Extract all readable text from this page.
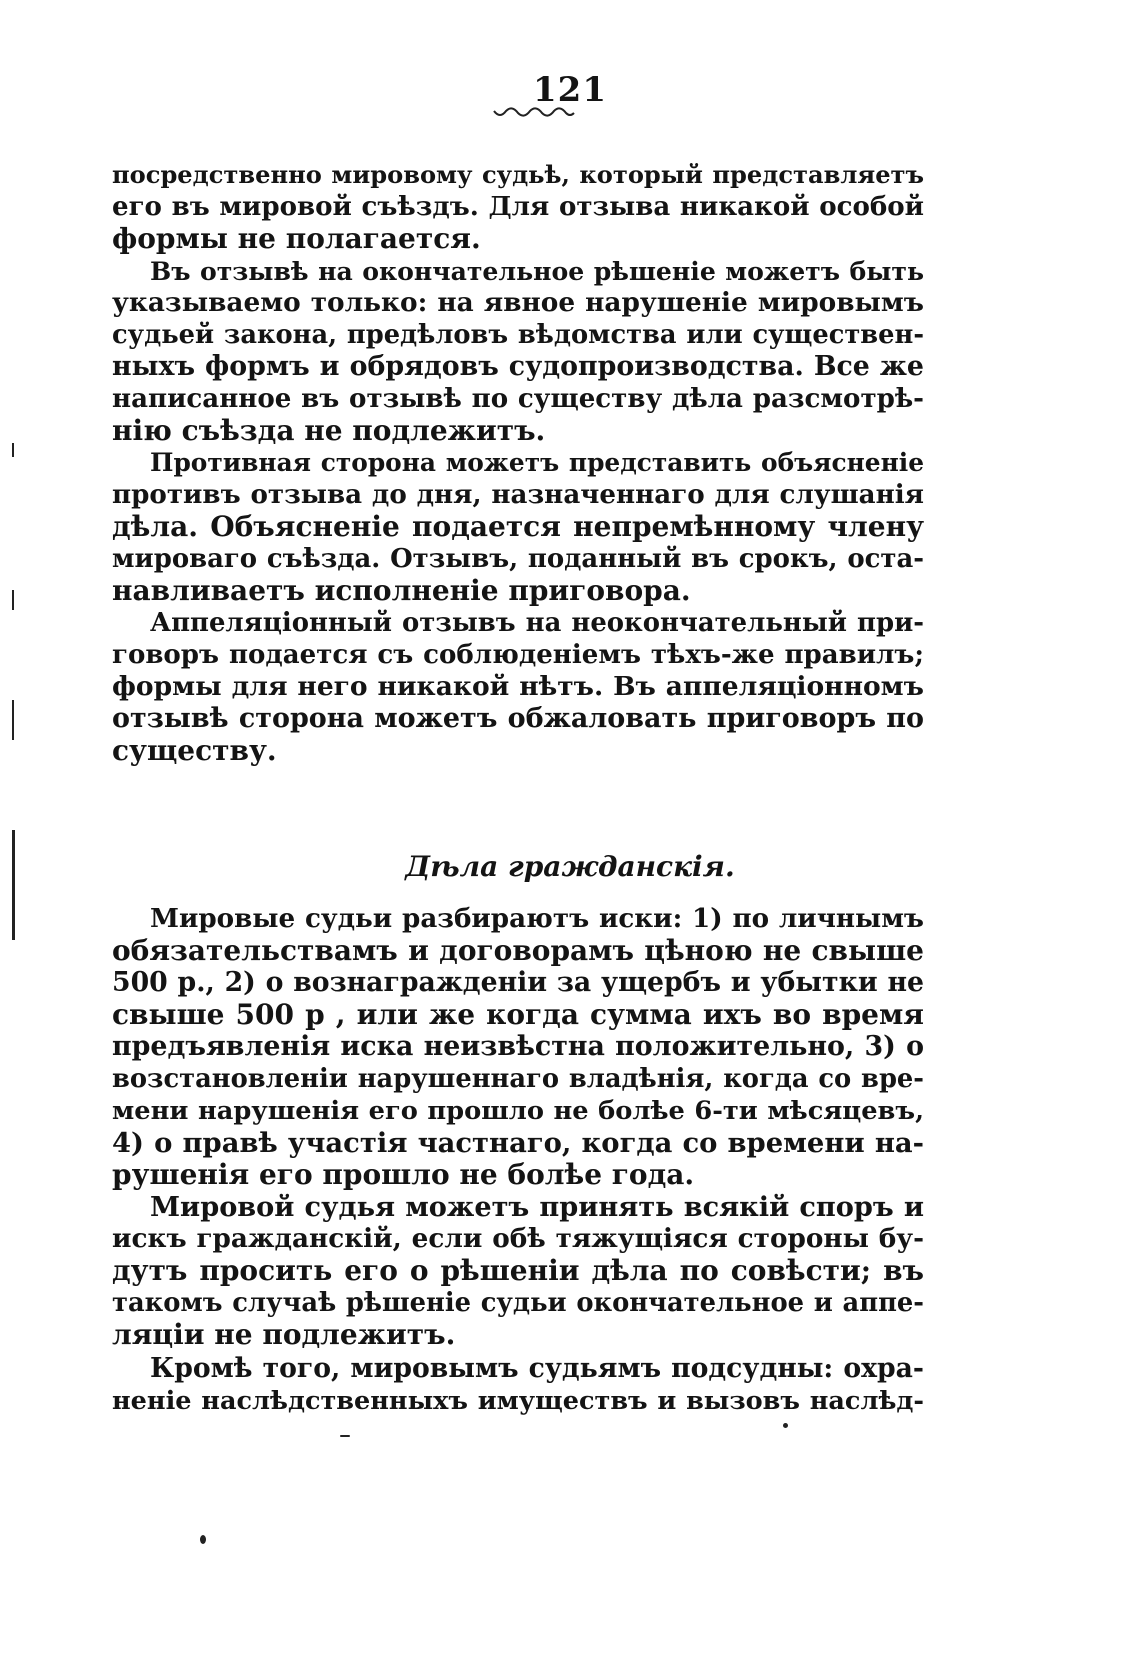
121
посредственно мировому судьѣ, который представляетъ
его въ мировой съѣздъ. Для отзыва никакой особой
формы не полагается.
Въ отзывѣ на окончательное рѣшеніе можетъ быть
указываемо только: на явное нарушеніе мировымъ
судьей закона, предѣловъ вѣдомства или существен-
ныхъ формъ и обрядовъ судопроизводства. Все же
написанное въ отзывѣ по существу дѣла разсмотрѣ-
нію съѣзда не подлежитъ.
Противная сторона можетъ представить объясненіе
противъ отзыва до дня, назначеннаго для слушанія
дѣла. Объясненіе подается непремѣнному члену
мироваго съѣзда. Отзывъ, поданный въ срокъ, оста-
навливаетъ исполненіе приговора.
Аппеляціонный отзывъ на неокончательный при-
говоръ подается съ соблюденіемъ тѣхъ-же правилъ;
формы для него никакой нѣтъ. Въ аппеляціонномъ
отзывѣ сторона можетъ обжаловать приговоръ по
существу.
Дѣла гражданскія.
Мировые судьи разбираютъ иски: 1) по личнымъ
обязательствамъ и договорамъ цѣною не свыше
500 р., 2) о вознагражденіи за ущербъ и убытки не
свыше 500 р , или же когда сумма ихъ во время
предъявленія иска неизвѣстна положительно, 3) о
возстановленіи нарушеннаго владѣнія, когда со вре-
мени нарушенія его прошло не болѣе 6-ти мѣсяцевъ,
4) о правѣ участія частнаго, когда со времени на-
рушенія его прошло не болѣе года.
Мировой судья можетъ принять всякій споръ и
искъ гражданскій, если обѣ тяжущіяся стороны бу-
дутъ просить его о рѣшеніи дѣла по совѣсти; въ
такомъ случаѣ рѣшеніе судьи окончательное и аппе-
ляціи не подлежитъ.
Кромѣ того, мировымъ судьямъ подсудны: охра-
неніе наслѣдственныхъ имуществъ и вызовъ наслѣд-
